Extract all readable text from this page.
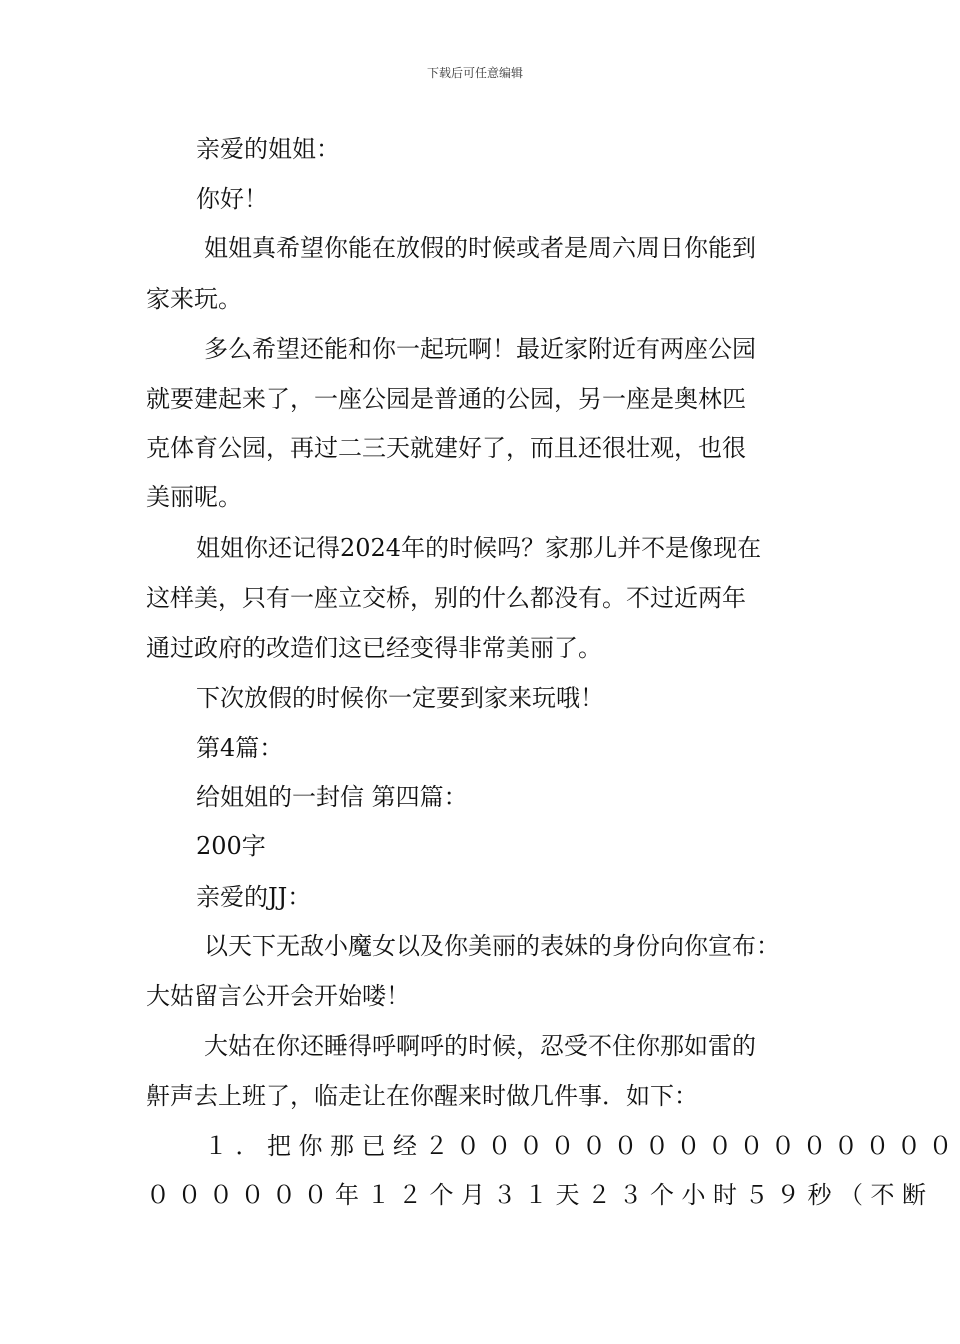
下载后可任意编辑
亲爱的姐姐：
你好！
姐姐真希望你能在放假的时候或者是周六周日你能到
家来玩。
多么希望还能和你一起玩啊！最近家附近有两座公园
就要建起来了，一座公园是普通的公园，另一座是奥林匹
克体育公园，再过二三天就建好了，而且还很壮观，也很
美丽呢。
姐姐你还记得2024年的时候吗？家那儿并不是像现在
这样美，只有一座立交桥，别的什么都没有。不过近两年
通过政府的改造们这已经变得非常美丽了。
下次放假的时候你一定要到家来玩哦！
第4篇：
给姐姐的一封信 第四篇：
200字
亲爱的JJ：
以天下无敌小魔女以及你美丽的表妹的身份向你宣布：
大姑留言公开会开始喽！
大姑在你还睡得呼啊呼的时候，忍受不住你那如雷的
鼾声去上班了，临走让在你醒来时做几件事．如下：
１．把你那已经２００００００００００００００００
００００００年１２个月３１天２３个小时５９秒（不断
